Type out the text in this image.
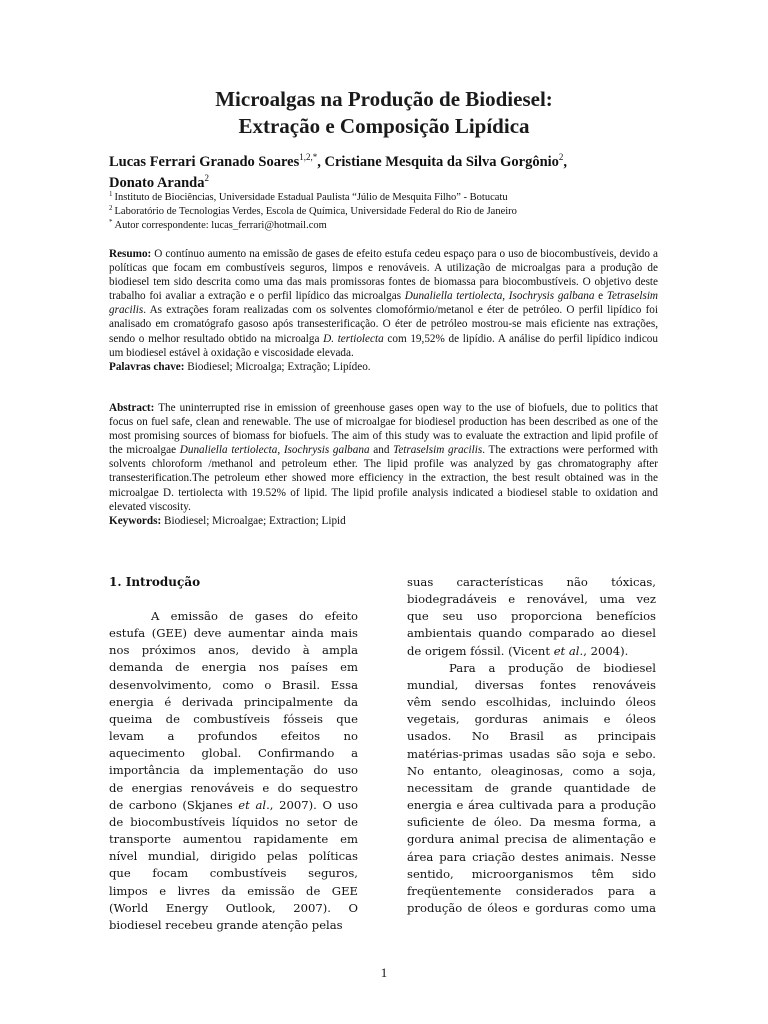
Microalgas na Produção de Biodiesel:
Extração e Composição Lipídica
Lucas Ferrari Granado Soares$^{1,2,*}$, Cristiane Mesquita da Silva Gorgônio$^2$,
Donato Aranda$^2$
$^1$ Instituto de Biociências, Universidade Estadual Paulista “Júlio de Mesquita Filho” - Botucatu
$^2$ Laboratório de Tecnologias Verdes, Escola de Química, Universidade Federal do Rio de Janeiro
* Autor correspondente: lucas_ferrari@hotmail.com
Resumo: O contínuo aumento na emissão de gases de efeito estufa cedeu espaço para o uso de biocombustíveis, devido a políticas que focam em combustíveis seguros, limpos e renováveis. A utilização de microalgas para a produção de biodiesel tem sido descrita como uma das mais promissoras fontes de biomassa para biocombustíveis. O objetivo deste trabalho foi avaliar a extração e o perfil lipídico das microalgas Dunaliella tertiolecta, Isochrysis galbana e Tetraselsim gracilis. As extrações foram realizadas com os solventes clomofórmio/metanol e éter de petróleo. O perfil lipídico foi analisado em cromatógrafo gasoso após transesterificação. O éter de petróleo mostrou-se mais eficiente nas extrações, sendo o melhor resultado obtido na microalga D. tertiolecta com 19,52% de lipídio. A análise do perfil lipídico indicou um biodiesel estável à oxidação e viscosidade elevada.
Palavras chave: Biodiesel; Microalga; Extração; Lipídeo.
Abstract: The uninterrupted rise in emission of greenhouse gases open way to the use of biofuels, due to politics that focus on fuel safe, clean and renewable. The use of microalgae for biodiesel production has been described as one of the most promising sources of biomass for biofuels. The aim of this study was to evaluate the extraction and lipid profile of the microalgae Dunaliella tertiolecta, Isochrysis galbana and Tetraselsim gracilis. The extractions were performed with solvents chloroform /methanol and petroleum ether. The lipid profile was analyzed by gas chromatography after transesterification.The petroleum ether showed more efficiency in the extraction, the best result obtained was in the microalgae D. tertiolecta with 19.52% of lipid. The lipid profile analysis indicated a biodiesel stable to oxidation and elevated viscosity.
Keywords: Biodiesel; Microalgae; Extraction; Lipid
1. Introdução

A emissão de gases do efeito
estufa (GEE) deve aumentar ainda mais
nos próximos anos, devido à ampla
demanda de energia nos países em
desenvolvimento, como o Brasil. Essa
energia é derivada principalmente da
queima de combustíveis fósseis que
levam a profundos efeitos no
aquecimento global. Confirmando a
importância da implementação do uso
de energias renováveis e do sequestro
de carbono (Skjanes et al., 2007). O uso
de biocombustíveis líquidos no setor de
transporte aumentou rapidamente em
nível mundial, dirigido pelas políticas
que focam combustíveis seguros,
limpos e livres da emissão de GEE
(World Energy Outlook, 2007). O
biodiesel recebeu grande atenção pelas

suas características não tóxicas,
biodegradáveis e renovável, uma vez
que seu uso proporciona benefícios
ambientais quando comparado ao diesel
de origem fóssil. (Vicent et al., 2004).

Para a produção de biodiesel
mundial, diversas fontes renováveis
vêm sendo escolhidas, incluindo óleos
vegetais, gorduras animais e óleos
usados. No Brasil as principais
matérias-primas usadas são soja e sebo.
No entanto, oleaginosas, como a soja,
necessitam de grande quantidade de
energia e área cultivada para a produção
suficiente de óleo. Da mesma forma, a
gordura animal precisa de alimentação e
área para criação destes animais. Nesse
sentido, microorganismos têm sido
freqüentemente considerados para a
produção de óleos e gorduras como uma

1
